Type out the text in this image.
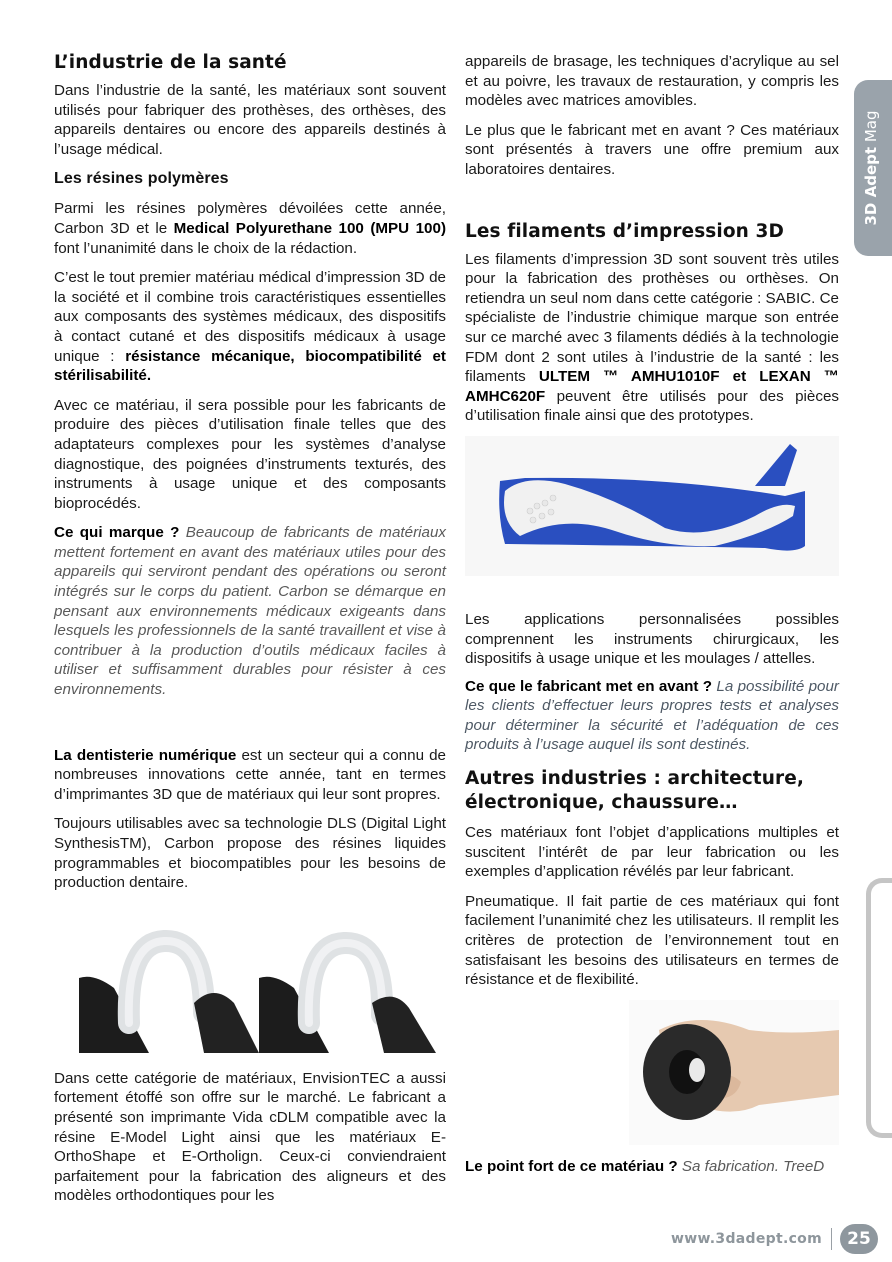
L’industrie de la santé

Dans l’industrie de la santé, les matériaux sont souvent utilisés pour fabriquer des prothèses, des orthèses, des appareils dentaires ou encore des appareils destinés à l’usage médical.

Les résines polymères

Parmi les résines polymères dévoilées cette année, Carbon 3D et le Medical Polyurethane 100 (MPU 100) font l’unanimité dans le choix de la rédaction.

C’est le tout premier matériau médical d’impression 3D de la société et il combine trois caractéristiques essentielles aux composants des systèmes médicaux, des dispositifs à contact cutané et des dispositifs médicaux à usage unique : résistance mécanique, biocompatibilité et stérilisabilité.

Avec ce matériau, il sera possible pour les fabricants de produire des pièces d’utilisation finale telles que des adaptateurs complexes pour les systèmes d’analyse diagnostique, des poignées d’instruments texturés, des instruments à usage unique et des composants bioprocédés.

Ce qui marque ? Beaucoup de fabricants de matériaux mettent fortement en avant des matériaux utiles pour des appareils qui serviront pendant des opérations ou seront intégrés sur le corps du patient. Carbon se démarque en pensant aux environnements médicaux exigeants dans lesquels les professionnels de la santé travaillent et vise à contribuer à la production d’outils médicaux faciles à utiliser et suffisamment durables pour résister à ces environnements.

La dentisterie numérique est un secteur qui a connu de nombreuses innovations cette année, tant en termes d’imprimantes 3D que de matériaux qui leur sont propres.

Toujours utilisables avec sa technologie DLS (Digital Light SynthesisTM), Carbon propose des résines liquides programmables et biocompatibles pour les besoins de production dentaire.

Dans cette catégorie de matériaux, EnvisionTEC a aussi fortement étoffé son offre sur le marché. Le fabricant a présenté son imprimante Vida cDLM compatible avec la résine E-Model Light ainsi que les matériaux E-OrthoShape et E-Ortholign. Ceux-ci conviendraient parfaitement pour la fabrication des aligneurs et des modèles orthodontiques pour les

appareils de brasage, les techniques d’acrylique au sel et au poivre, les travaux de restauration, y compris les modèles avec matrices amovibles.

Le plus que le fabricant met en avant ? Ces matériaux sont présentés à travers une offre premium aux laboratoires dentaires.

Les filaments d’impression 3D

Les filaments d’impression 3D sont souvent très utiles pour la fabrication des prothèses ou orthèses. On retiendra un seul nom dans cette catégorie : SABIC. Ce spécialiste de l’industrie chimique marque son entrée sur ce marché avec 3 filaments dédiés à la technologie FDM dont 2 sont utiles à l’industrie de la santé : les filaments ULTEM ™ AMHU1010F et LEXAN ™ AMHC620F peuvent être utilisés pour des pièces d’utilisation finale ainsi que des prototypes.

Les applications personnalisées possibles comprennent les instruments chirurgicaux, les dispositifs à usage unique et les moulages / attelles.

Ce que le fabricant met en avant ? La possibilité pour les clients d’effectuer leurs propres tests et analyses pour déterminer la sécurité et l’adéquation de ces produits à l’usage auquel ils sont destinés.

Autres industries : architecture, électronique, chaussure…

Ces matériaux font l’objet d’applications multiples et suscitent l’intérêt de par leur fabrication ou les exemples d’application révélés par leur fabricant.

Pneumatique. Il fait partie de ces matériaux qui font facilement l’unanimité chez les utilisateurs. Il remplit les critères de protection de l’environnement tout en satisfaisant les besoins des utilisateurs en termes de résistance et de flexibilité.

Le point fort de ce matériau ? Sa fabrication. TreeD

3D Adept Mag
www.3dadept.com	25
